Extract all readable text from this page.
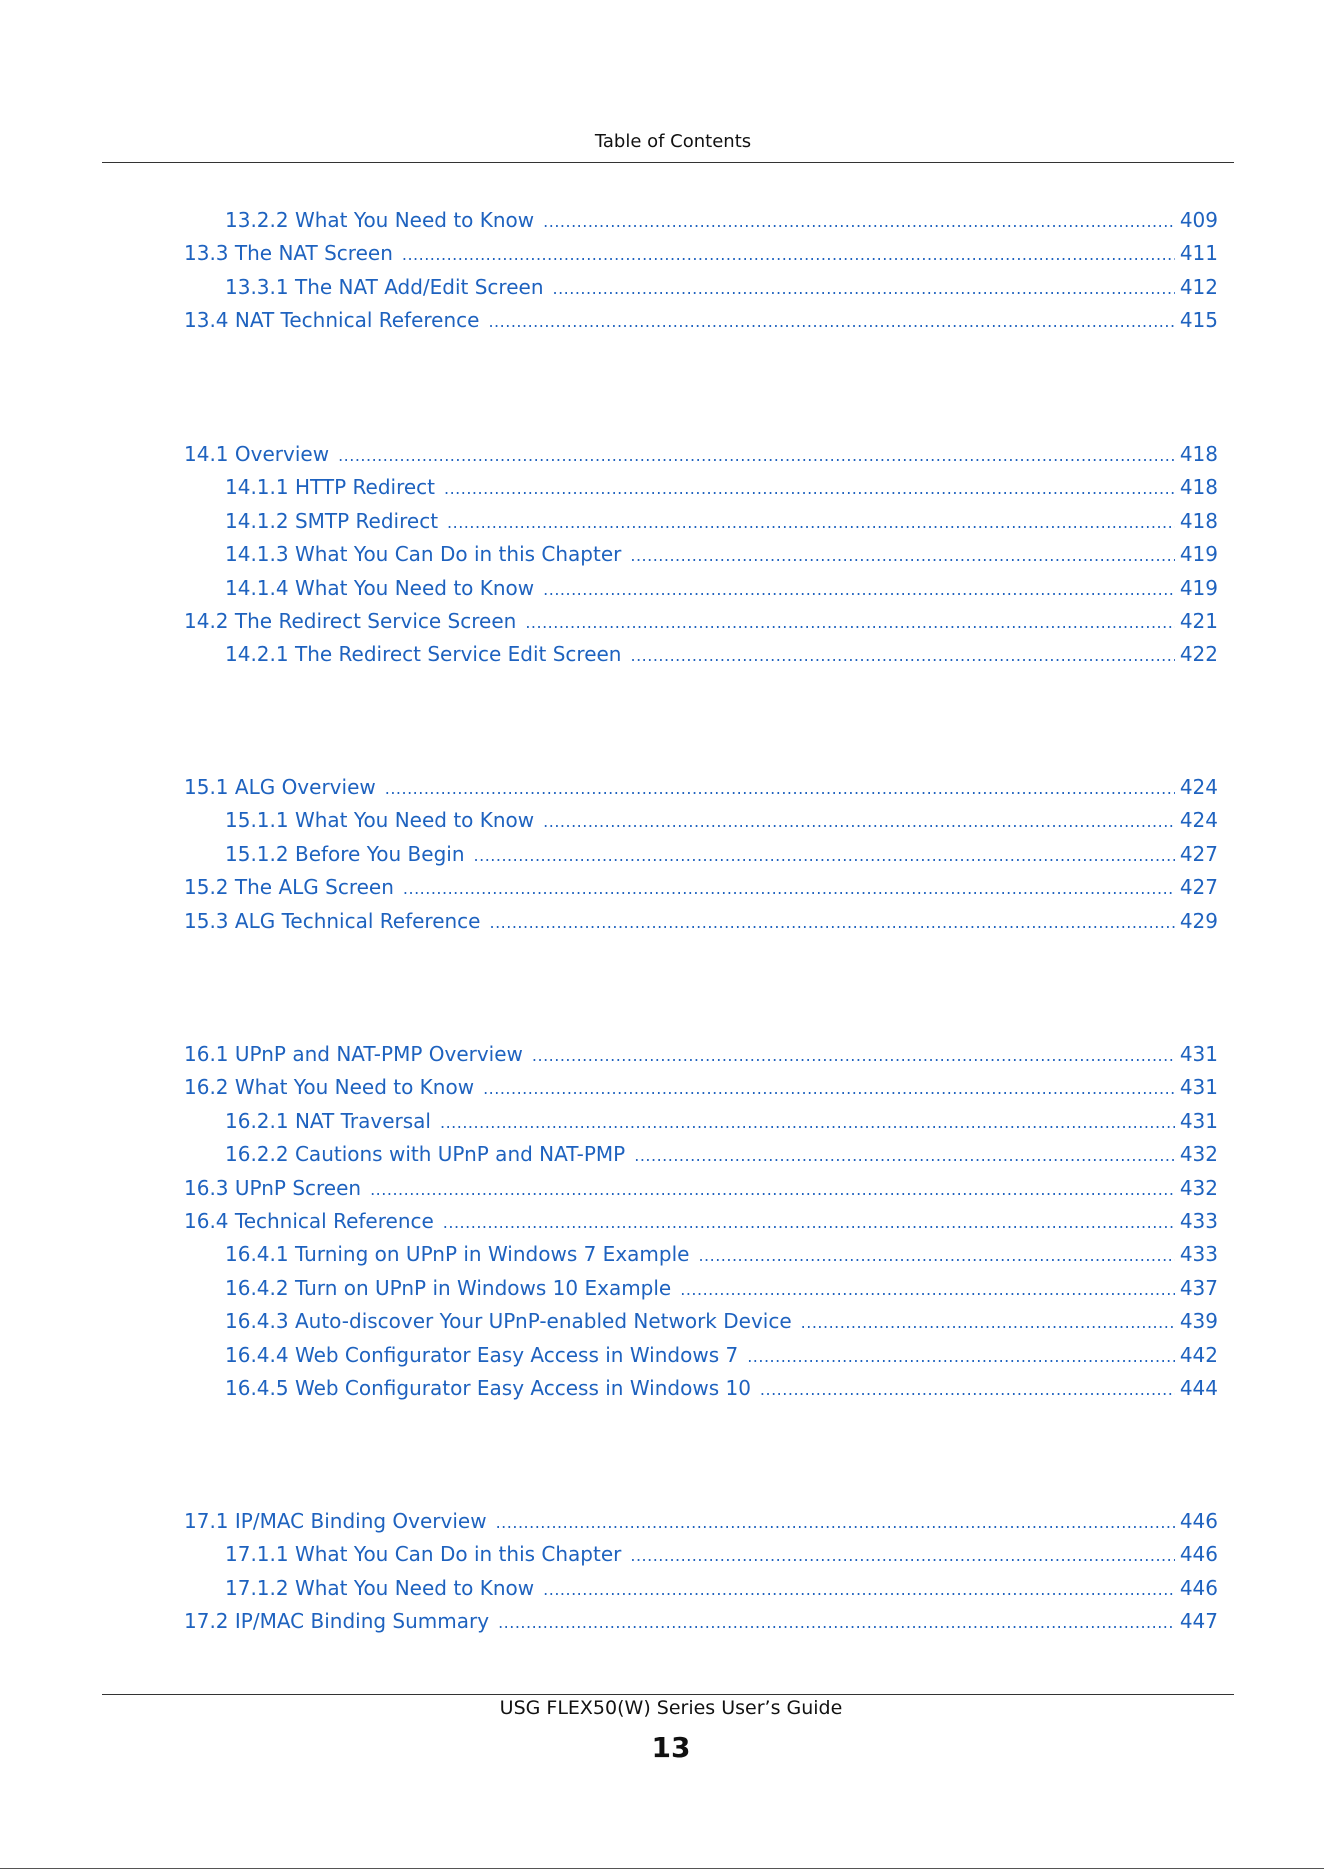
Table of Contents
13.2.2 What You Need to Know .....	409
13.3 The NAT Screen .....	411
13.3.1 The NAT Add/Edit Screen .....	412
13.4 NAT Technical Reference .....	415
14.1 Overview .....	418
14.1.1 HTTP Redirect .....	418
14.1.2 SMTP Redirect .....	418
14.1.3 What You Can Do in this Chapter .....	419
14.1.4 What You Need to Know .....	419
14.2 The Redirect Service Screen .....	421
14.2.1 The Redirect Service Edit Screen .....	422
15.1 ALG Overview .....	424
15.1.1 What You Need to Know .....	424
15.1.2 Before You Begin .....	427
15.2 The ALG Screen .....	427
15.3 ALG Technical Reference .....	429
16.1 UPnP and NAT-PMP Overview .....	431
16.2 What You Need to Know .....	431
16.2.1 NAT Traversal .....	431
16.2.2 Cautions with UPnP and NAT-PMP .....	432
16.3 UPnP Screen .....	432
16.4 Technical Reference .....	433
16.4.1 Turning on UPnP in Windows 7 Example .....	433
16.4.2 Turn on UPnP in Windows 10 Example .....	437
16.4.3 Auto-discover Your UPnP-enabled Network Device .....	439
16.4.4 Web Configurator Easy Access in Windows 7 .....	442
16.4.5 Web Configurator Easy Access in Windows 10 .....	444
17.1 IP/MAC Binding Overview .....	446
17.1.1 What You Can Do in this Chapter .....	446
17.1.2 What You Need to Know .....	446
17.2 IP/MAC Binding Summary .....	447
USG FLEX50(W) Series User’s Guide
13
